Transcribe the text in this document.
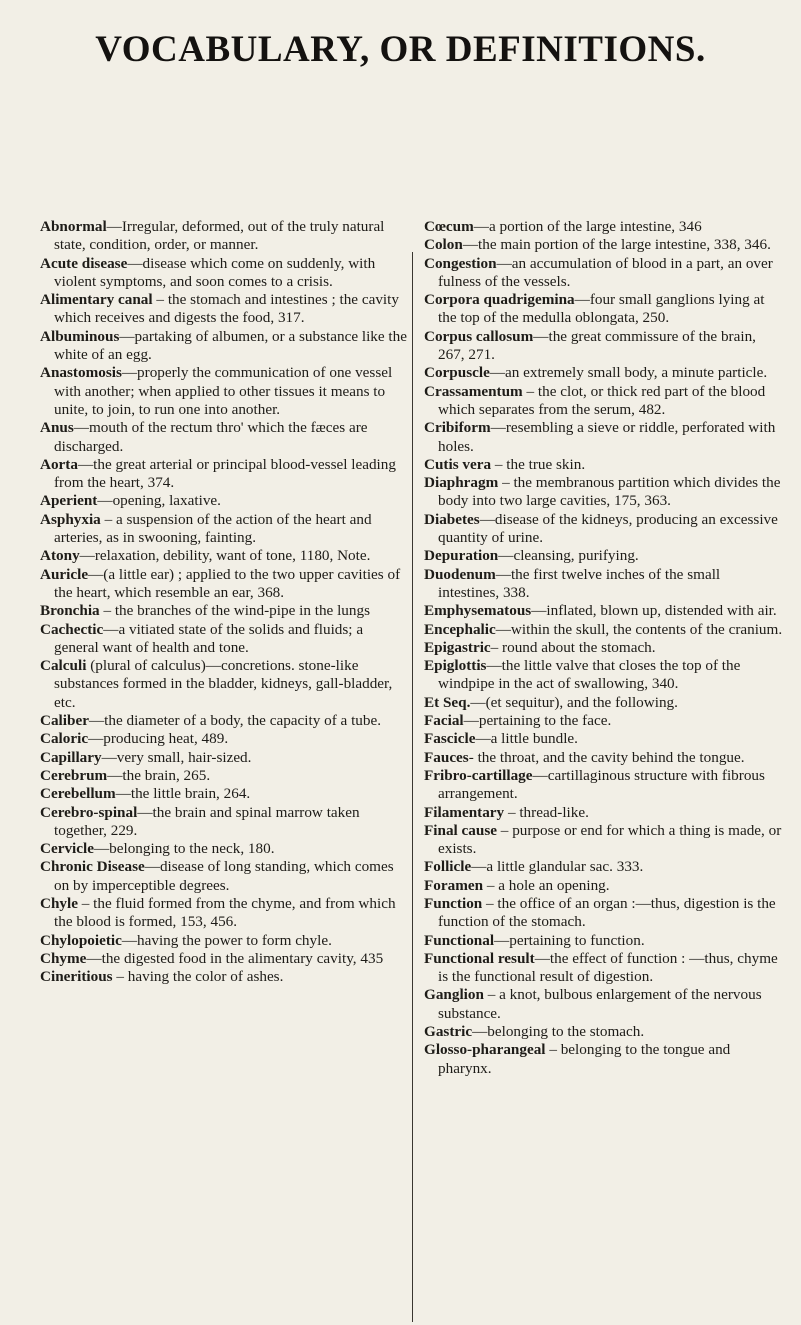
VOCABULARY, OR DEFINITIONS.

Abnormal—Irregular, deformed, out of the truly natural state, condition, order, or manner.

Acute disease—disease which come on suddenly, with violent symptoms, and soon comes to a crisis.

Alimentary canal – the stomach and intestines ; the cavity which receives and digests the food, 317.

Albuminous—partaking of albumen, or a substance like the white of an egg.

Anastomosis—properly the communication of one vessel with another; when applied to other tissues it means to unite, to join, to run one into another.

Anus—mouth of the rectum thro' which the fæces are discharged.

Aorta—the great arterial or principal blood-vessel leading from the heart, 374.

Aperient—opening, laxative.

Asphyxia – a suspension of the action of the heart and arteries, as in swooning, fainting.

Atony—relaxation, debility, want of tone, 1180, Note.

Auricle—(a little ear) ; applied to the two upper cavities of the heart, which resemble an ear, 368.

Bronchia – the branches of the wind-pipe in the lungs

Cachectic—a vitiated state of the solids and fluids; a general want of health and tone.

Calculi (plural of calculus)—concretions. stone-like substances formed in the bladder, kidneys, gall-bladder, etc.

Caliber—the diameter of a body, the capacity of a tube.

Caloric—producing heat, 489.

Capillary—very small, hair-sized.

Cerebrum—the brain, 265.

Cerebellum—the little brain, 264.

Cerebro-spinal—the brain and spinal marrow taken together, 229.

Cervicle—belonging to the neck, 180.

Chronic Disease—disease of long standing, which comes on by imperceptible degrees.

Chyle – the fluid formed from the chyme, and from which the blood is formed, 153, 456.

Chylopoietic—having the power to form chyle.

Chyme—the digested food in the alimentary cavity, 435

Cineritious – having the color of ashes.

Cœcum—a portion of the large intestine, 346

Colon—the main portion of the large intestine, 338, 346.

Congestion—an accumulation of blood in a part, an over fulness of the vessels.

Corpora quadrigemina—four small ganglions lying at the top of the medulla oblongata, 250.

Corpus callosum—the great commissure of the brain, 267, 271.

Corpuscle—an extremely small body, a minute particle.

Crassamentum – the clot, or thick red part of the blood which separates from the serum, 482.

Cribiform—resembling a sieve or riddle, perforated with holes.

Cutis vera – the true skin.

Diaphragm – the membranous partition which divides the body into two large cavities, 175, 363.

Diabetes—disease of the kidneys, producing an excessive quantity of urine.

Depuration—cleansing, purifying.

Duodenum—the first twelve inches of the small intestines, 338.

Emphysematous—inflated, blown up, distended with air.

Encephalic—within the skull, the contents of the cranium.

Epigastric– round about the stomach.

Epiglottis—the little valve that closes the top of the windpipe in the act of swallowing, 340.

Et Seq.—(et sequitur), and the following.

Facial—pertaining to the face.

Fascicle—a little bundle.

Fauces- the throat, and the cavity behind the tongue.

Fribro-cartillage—cartillaginous structure with fibrous arrangement.

Filamentary – thread-like.

Final cause – purpose or end for which a thing is made, or exists.

Follicle—a little glandular sac. 333.

Foramen – a hole an opening.

Function – the office of an organ :—thus, digestion is the function of the stomach.

Functional—pertaining to function.

Functional result—the effect of function : —thus, chyme is the functional result of digestion.

Ganglion – a knot, bulbous enlargement of the nervous substance.

Gastric—belonging to the stomach.

Glosso-pharangeal – belonging to the tongue and pharynx.
